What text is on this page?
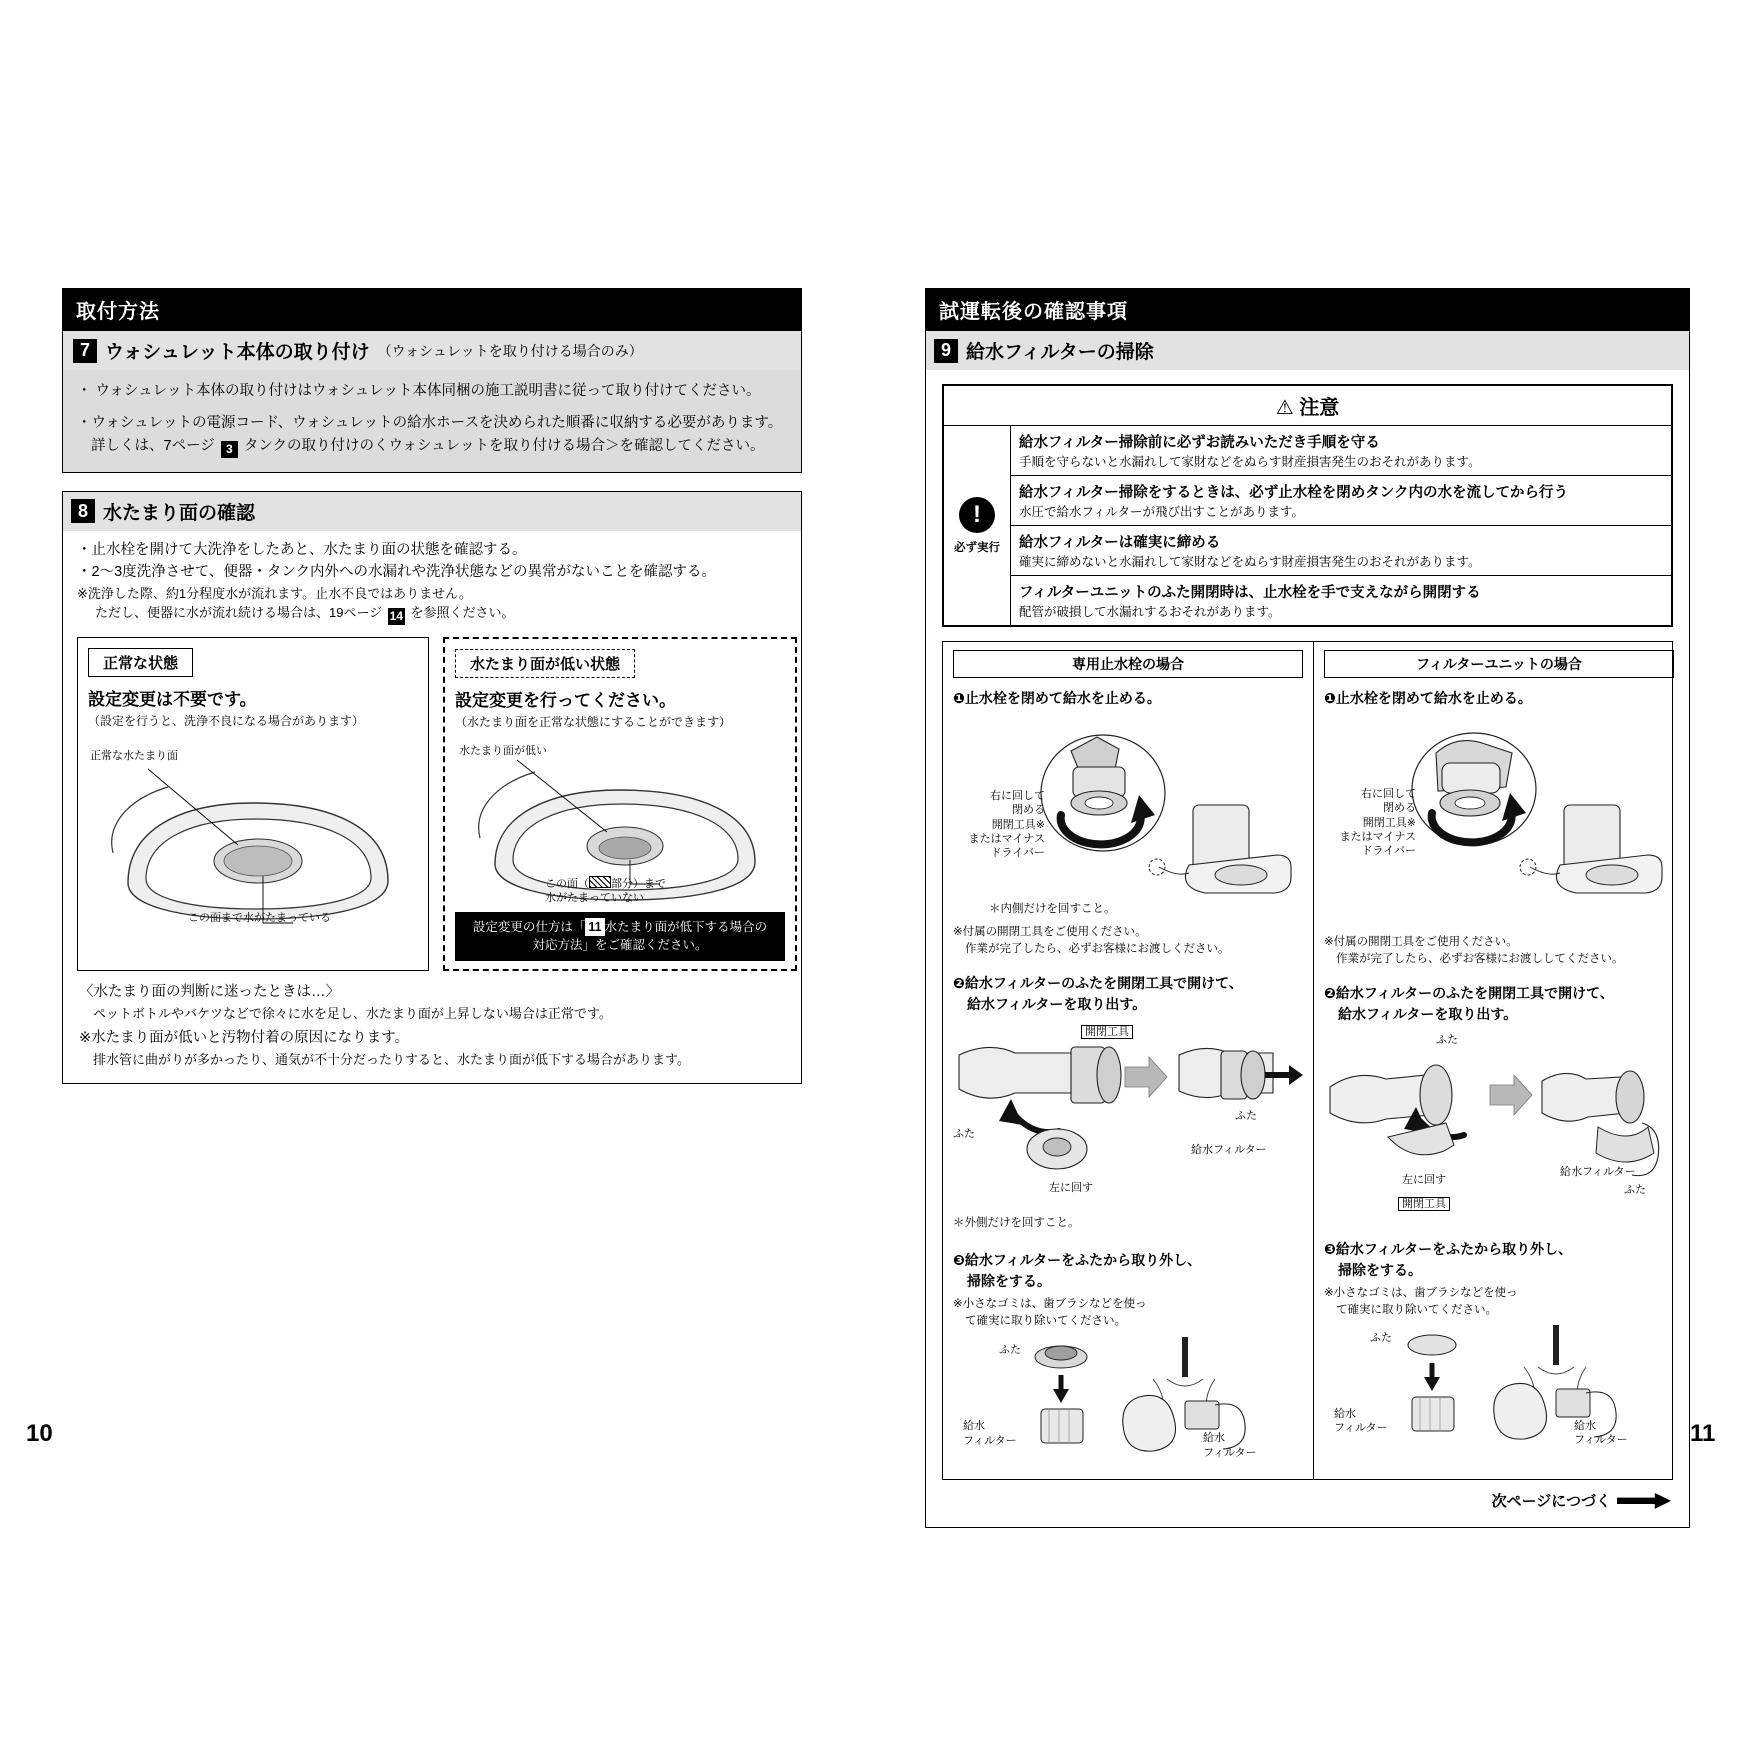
取付方法
7 ウォシュレット本体の取り付け （ウォシュレットを取り付ける場合のみ）
・ ウォシュレット本体の取り付けはウォシュレット本体同梱の施工説明書に従って取り付けてください。
・ウォシュレットの電源コード、ウォシュレットの給水ホースを決められた順番に収納する必要があります。
詳しくは、7ページ 3 タンクの取り付けのくウォシュレットを取り付ける場合＞を確認してください。
8 水たまり面の確認
・止水栓を開けて大洗浄をしたあと、水たまり面の状態を確認する。
・2～3度洗浄させて、便器・タンク内外への水漏れや洗浄状態などの異常がないことを確認する。
※洗浄した際、約1分程度水が流れます。止水不良ではありません。
ただし、便器に水が流れ続ける場合は、19ページ 14 を参照ください。
正常な状態
設定変更は不要です。
（設定を行うと、洗浄不良になる場合があります）
正常な水たまり面
この面まで水がたまっている
水たまり面が低い状態
設定変更を行ってください。
（水たまり面を正常な状態にすることができます）
水たまり面が低い
この面（ 部分）まで
水がたまっていない
設定変更の仕方は「 11 水たまり面が低下する場合の
対応方法」をご確認ください。
〈水たまり面の判断に迷ったときは…〉
ペットボトルやバケツなどで徐々に水を足し、水たまり面が上昇しない場合は正常です。
※水たまり面が低いと汚物付着の原因になります。
排水管に曲がりが多かったり、通気が不十分だったりすると、水たまり面が低下する場合があります。
10
試運転後の確認事項
9 給水フィルターの掃除
⚠ 注意
!
必ず実行
給水フィルター掃除前に必ずお読みいただき手順を守る
手順を守らないと水漏れして家財などをぬらす財産損害発生のおそれがあります。
給水フィルター掃除をするときは、必ず止水栓を閉めタンク内の水を流してから行う
水圧で給水フィルターが飛び出すことがあります。
給水フィルターは確実に締める
確実に締めないと水漏れして家財などをぬらす財産損害発生のおそれがあります。
フィルターユニットのふた開閉時は、止水栓を手で支えながら開閉する
配管が破損して水漏れするおそれがあります。
専用止水栓の場合
❶止水栓を閉めて給水を止める。
右に回して
閉める
開閉工具※
またはマイナス
ドライバー
＊内側だけを回すこと。
※付属の開閉工具をご使用ください。
作業が完了したら、必ずお客様にお渡しください。
❷給水フィルターのふたを開閉工具で開けて、
給水フィルターを取り出す。
開閉工具
ふた
左に回す
給水フィルター
ふた
＊外側だけを回すこと。
❸給水フィルターをふたから取り外し、
掃除をする。
※小さなゴミは、歯ブラシなどを使っ
て確実に取り除いてください。
ふた
給水
フィルター	給水
フィルター
フィルターユニットの場合
❶止水栓を閉めて給水を止める。
右に回して
閉める
開閉工具※
またはマイナス
ドライバー
※付属の開閉工具をご使用ください。
作業が完了したら、必ずお客様にお渡ししてください。
❷給水フィルターのふたを開閉工具で開けて、
給水フィルターを取り出す。
ふた
左に回す
開閉工具
給水フィルター
ふた
❸給水フィルターをふたから取り外し、
掃除をする。
※小さなゴミは、歯ブラシなどを使っ
て確実に取り除いてください。
ふた
給水
フィルター	給水
フィルター
次ページにつづく
11
